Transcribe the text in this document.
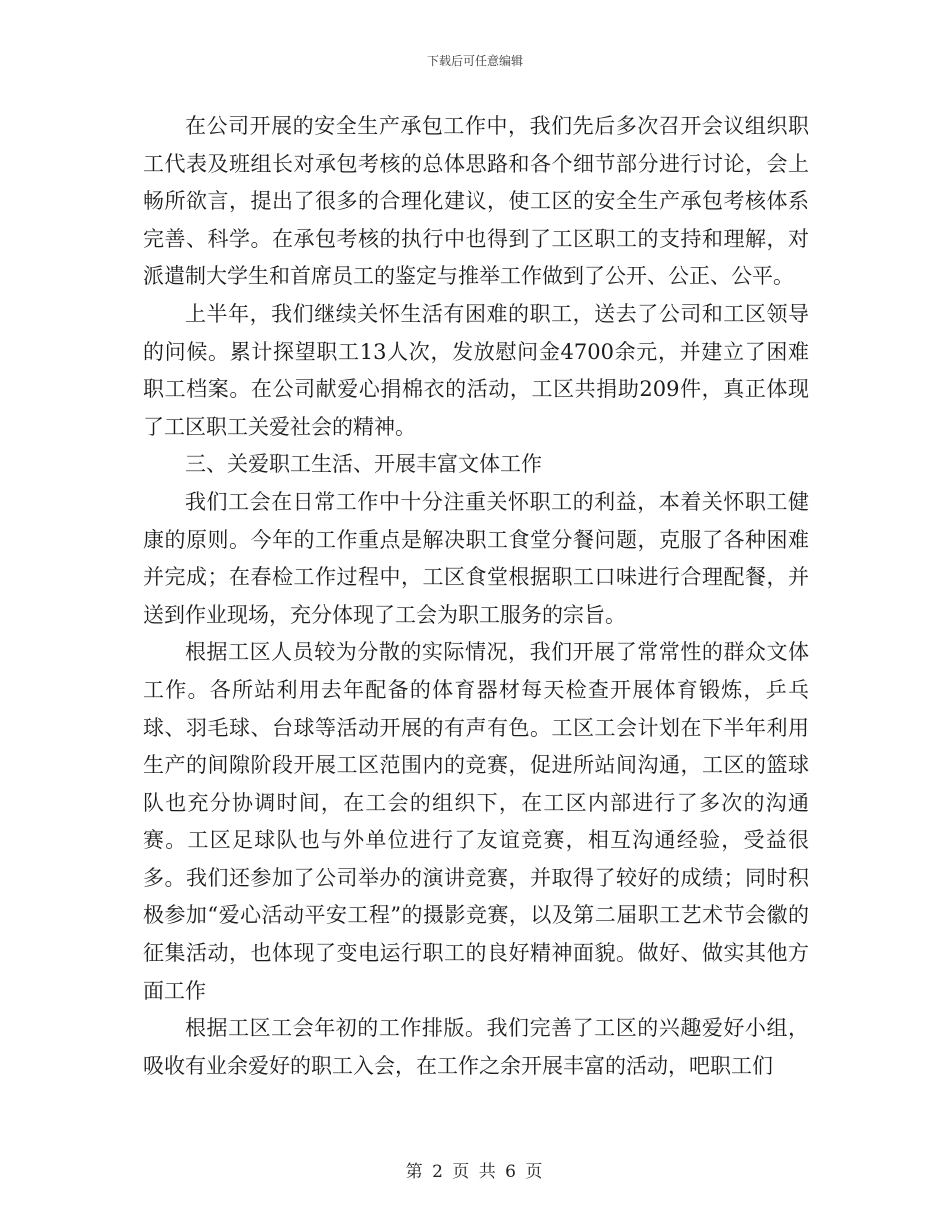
下载后可任意编辑

在公司开展的安全生产承包工作中，我们先后多次召开会议组织职工代表及班组长对承包考核的总体思路和各个细节部分进行讨论，会上畅所欲言，提出了很多的合理化建议，使工区的安全生产承包考核体系完善、科学。在承包考核的执行中也得到了工区职工的支持和理解，对派遣制大学生和首席员工的鉴定与推举工作做到了公开、公正、公平。

上半年，我们继续关怀生活有困难的职工，送去了公司和工区领导的问候。累计探望职工13人次，发放慰问金4700余元，并建立了困难职工档案。在公司献爱心捐棉衣的活动，工区共捐助209件，真正体现了工区职工关爱社会的精神。

三、关爱职工生活、开展丰富文体工作

我们工会在日常工作中十分注重关怀职工的利益，本着关怀职工健康的原则。今年的工作重点是解决职工食堂分餐问题，克服了各种困难并完成；在春检工作过程中，工区食堂根据职工口味进行合理配餐，并送到作业现场，充分体现了工会为职工服务的宗旨。

根据工区人员较为分散的实际情况，我们开展了常常性的群众文体工作。各所站利用去年配备的体育器材每天检查开展体育锻炼，乒乓球、羽毛球、台球等活动开展的有声有色。工区工会计划在下半年利用生产的间隙阶段开展工区范围内的竞赛，促进所站间沟通，工区的篮球队也充分协调时间，在工会的组织下，在工区内部进行了多次的沟通赛。工区足球队也与外单位进行了友谊竞赛，相互沟通经验，受益很多。我们还参加了公司举办的演讲竞赛，并取得了较好的成绩；同时积极参加“爱心活动平安工程”的摄影竞赛，以及第二届职工艺术节会徽的征集活动，也体现了变电运行职工的良好精神面貌。做好、做实其他方面工作

根据工区工会年初的工作排版。我们完善了工区的兴趣爱好小组，吸收有业余爱好的职工入会，在工作之余开展丰富的活动，吧职工们

第 2 页 共 6 页
